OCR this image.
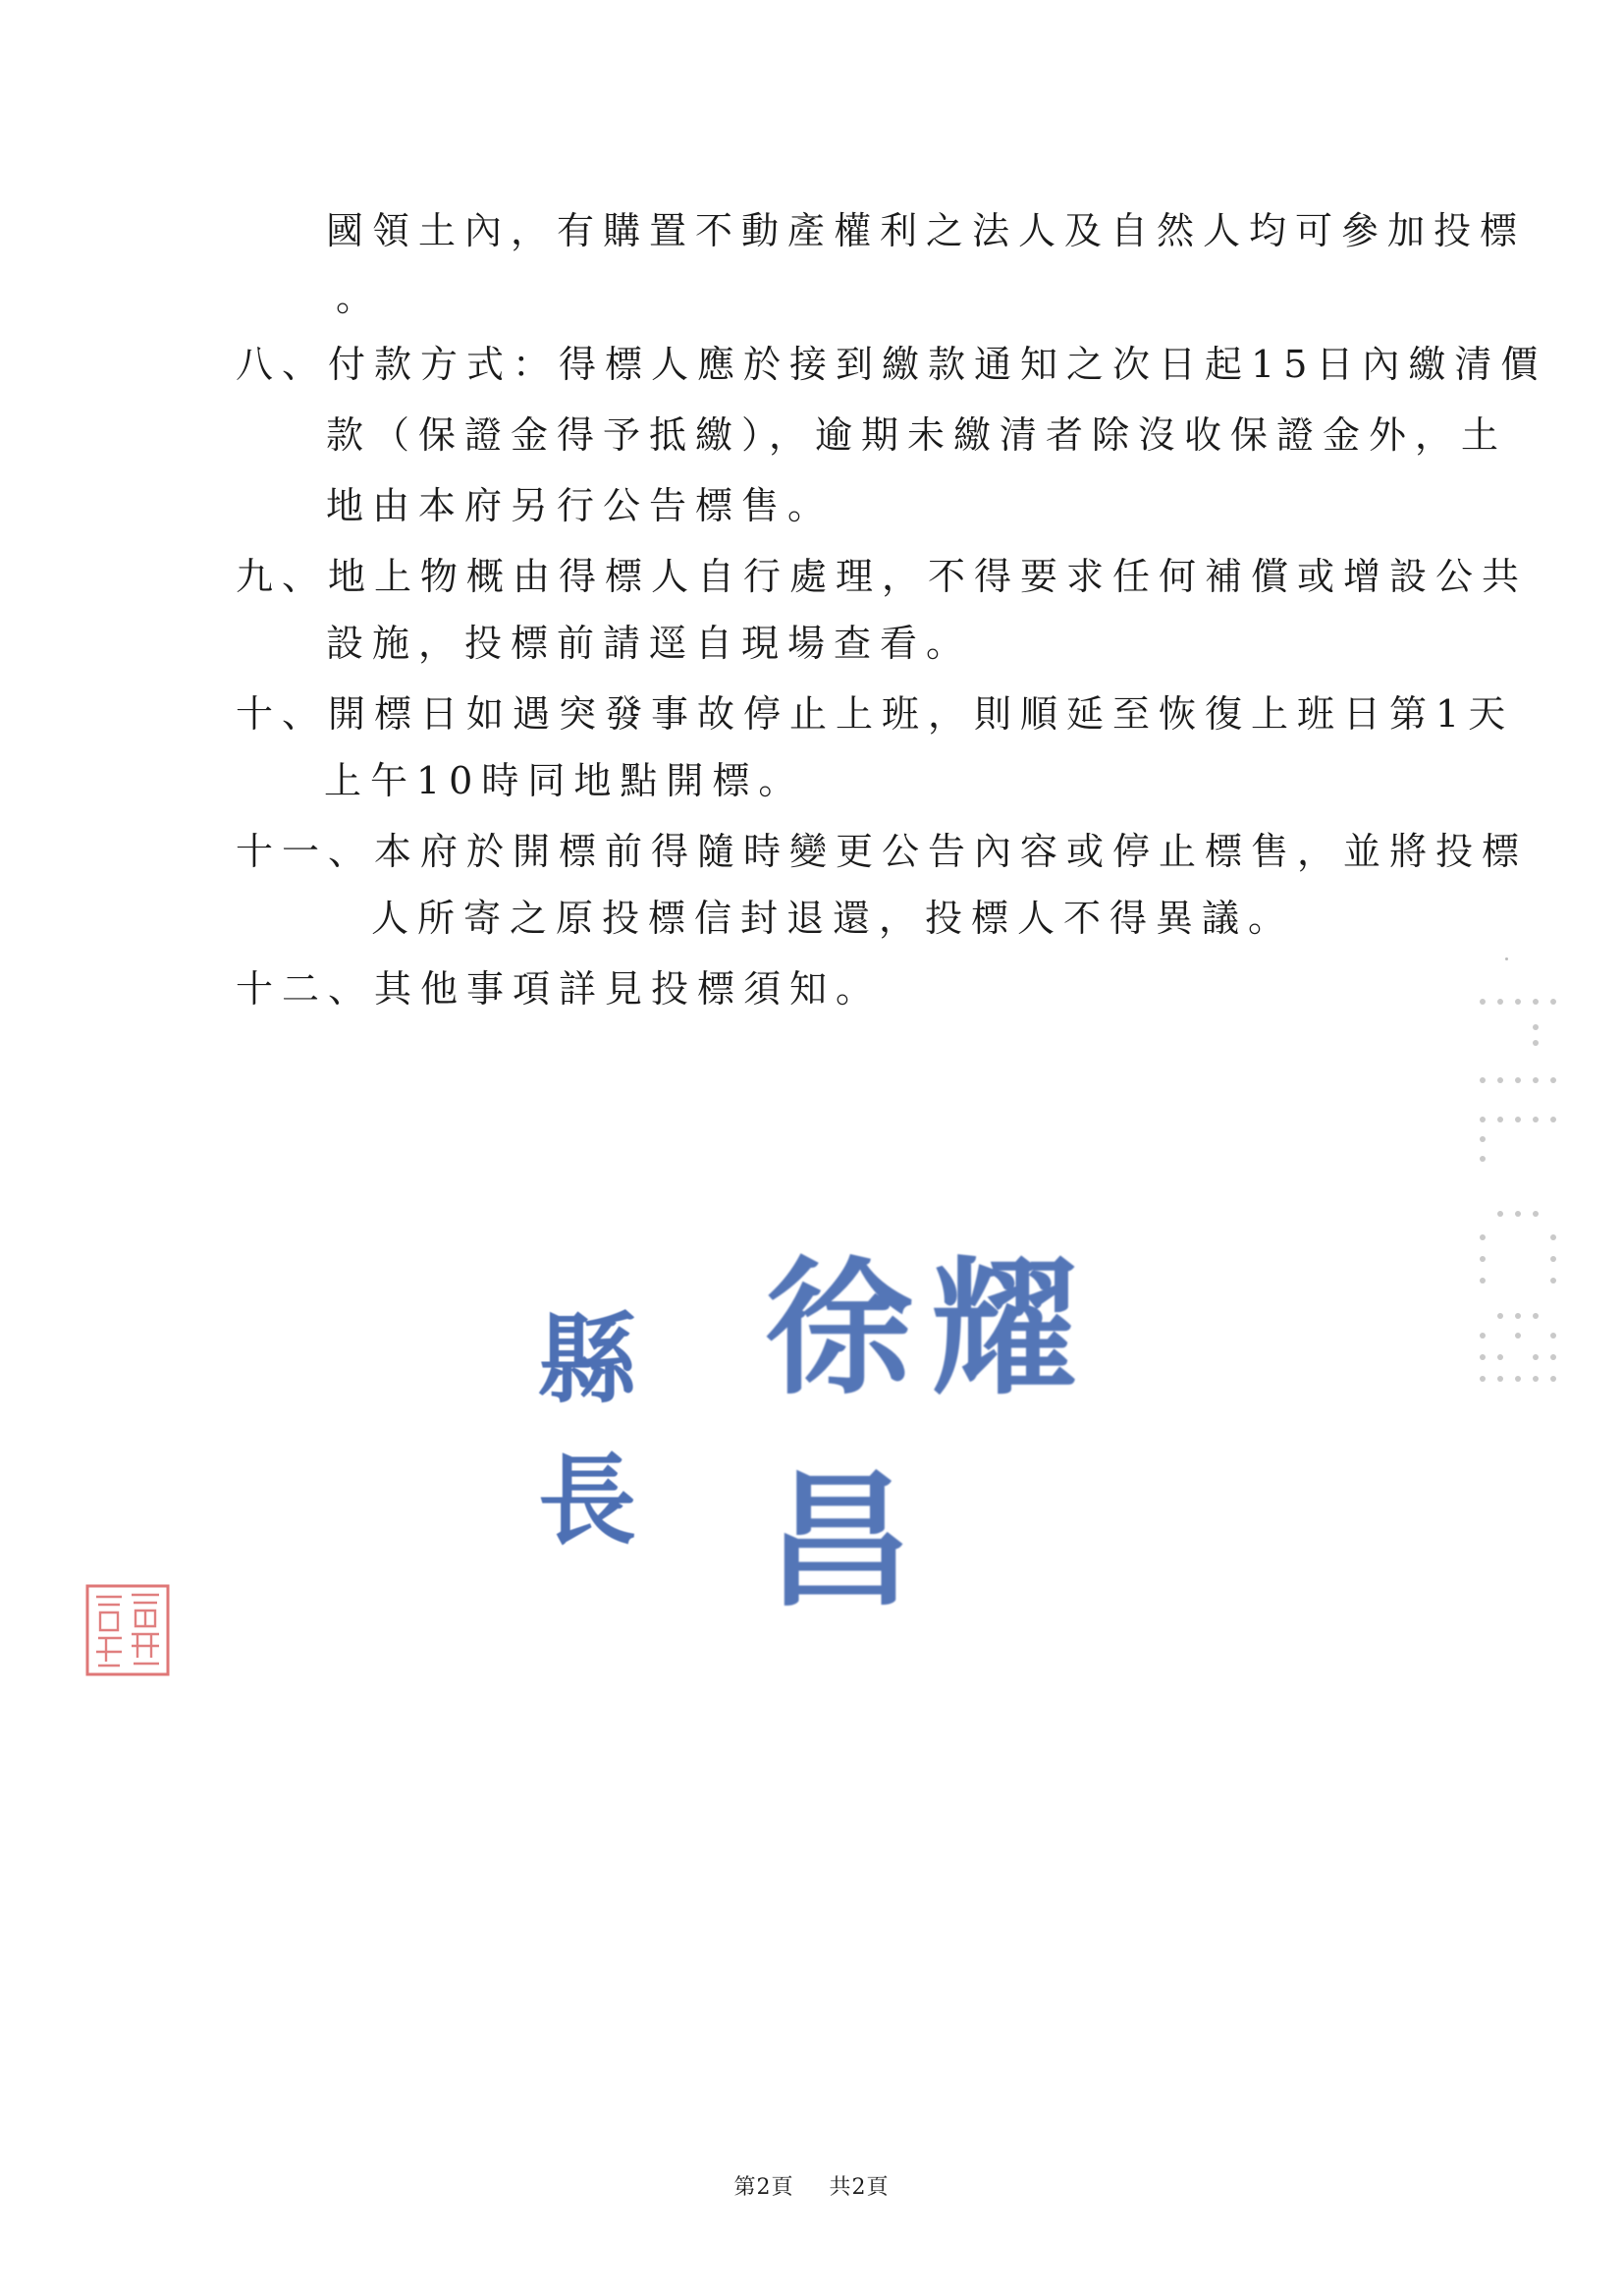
國領土內，有購置不動產權利之法人及自然人均可參加投標
。
八、付款方式：得標人應於接到繳款通知之次日起15日內繳清價
款（保證金得予抵繳），逾期未繳清者除沒收保證金外，土
地由本府另行公告標售。
九、地上物概由得標人自行處理，不得要求任何補償或增設公共
設施，投標前請逕自現場查看。
十、開標日如遇突發事故停止上班，則順延至恢復上班日第1天
上午10時同地點開標。
十一、本府於開標前得隨時變更公告內容或停止標售，並將投標
人所寄之原投標信封退還，投標人不得異議。
十二、其他事項詳見投標須知。
縣長
徐耀昌
第2頁 共2頁
